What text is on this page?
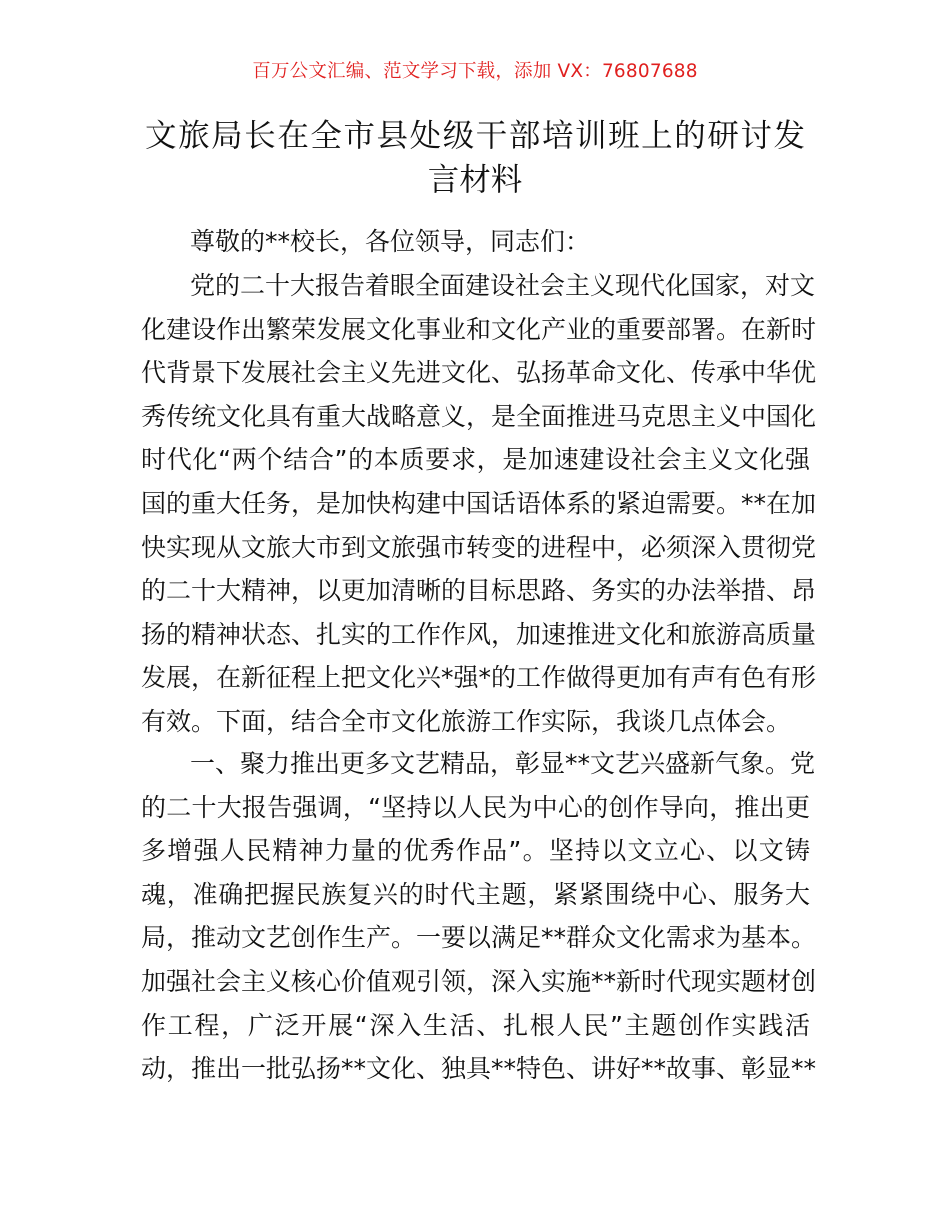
百万公文汇编、范文学习下载，添加 VX：76807688
文旅局长在全市县处级干部培训班上的研讨发
言材料
尊敬的**校长，各位领导，同志们：
党的二十大报告着眼全面建设社会主义现代化国家，对文
化建设作出繁荣发展文化事业和文化产业的重要部署。在新时
代背景下发展社会主义先进文化、弘扬革命文化、传承中华优
秀传统文化具有重大战略意义，是全面推进马克思主义中国化
时代化“两个结合”的本质要求，是加速建设社会主义文化强
国的重大任务，是加快构建中国话语体系的紧迫需要。**在加
快实现从文旅大市到文旅强市转变的进程中，必须深入贯彻党
的二十大精神，以更加清晰的目标思路、务实的办法举措、昂
扬的精神状态、扎实的工作作风，加速推进文化和旅游高质量
发展，在新征程上把文化兴*强*的工作做得更加有声有色有形
有效。下面，结合全市文化旅游工作实际，我谈几点体会。
一、聚力推出更多文艺精品，彰显**文艺兴盛新气象。党
的二十大报告强调，“坚持以人民为中心的创作导向，推出更
多增强人民精神力量的优秀作品”。坚持以文立心、以文铸
魂，准确把握民族复兴的时代主题，紧紧围绕中心、服务大
局，推动文艺创作生产。一要以满足**群众文化需求为基本。
加强社会主义核心价值观引领，深入实施**新时代现实题材创
作工程，广泛开展“深入生活、扎根人民”主题创作实践活
动，推出一批弘扬**文化、独具**特色、讲好**故事、彰显**
